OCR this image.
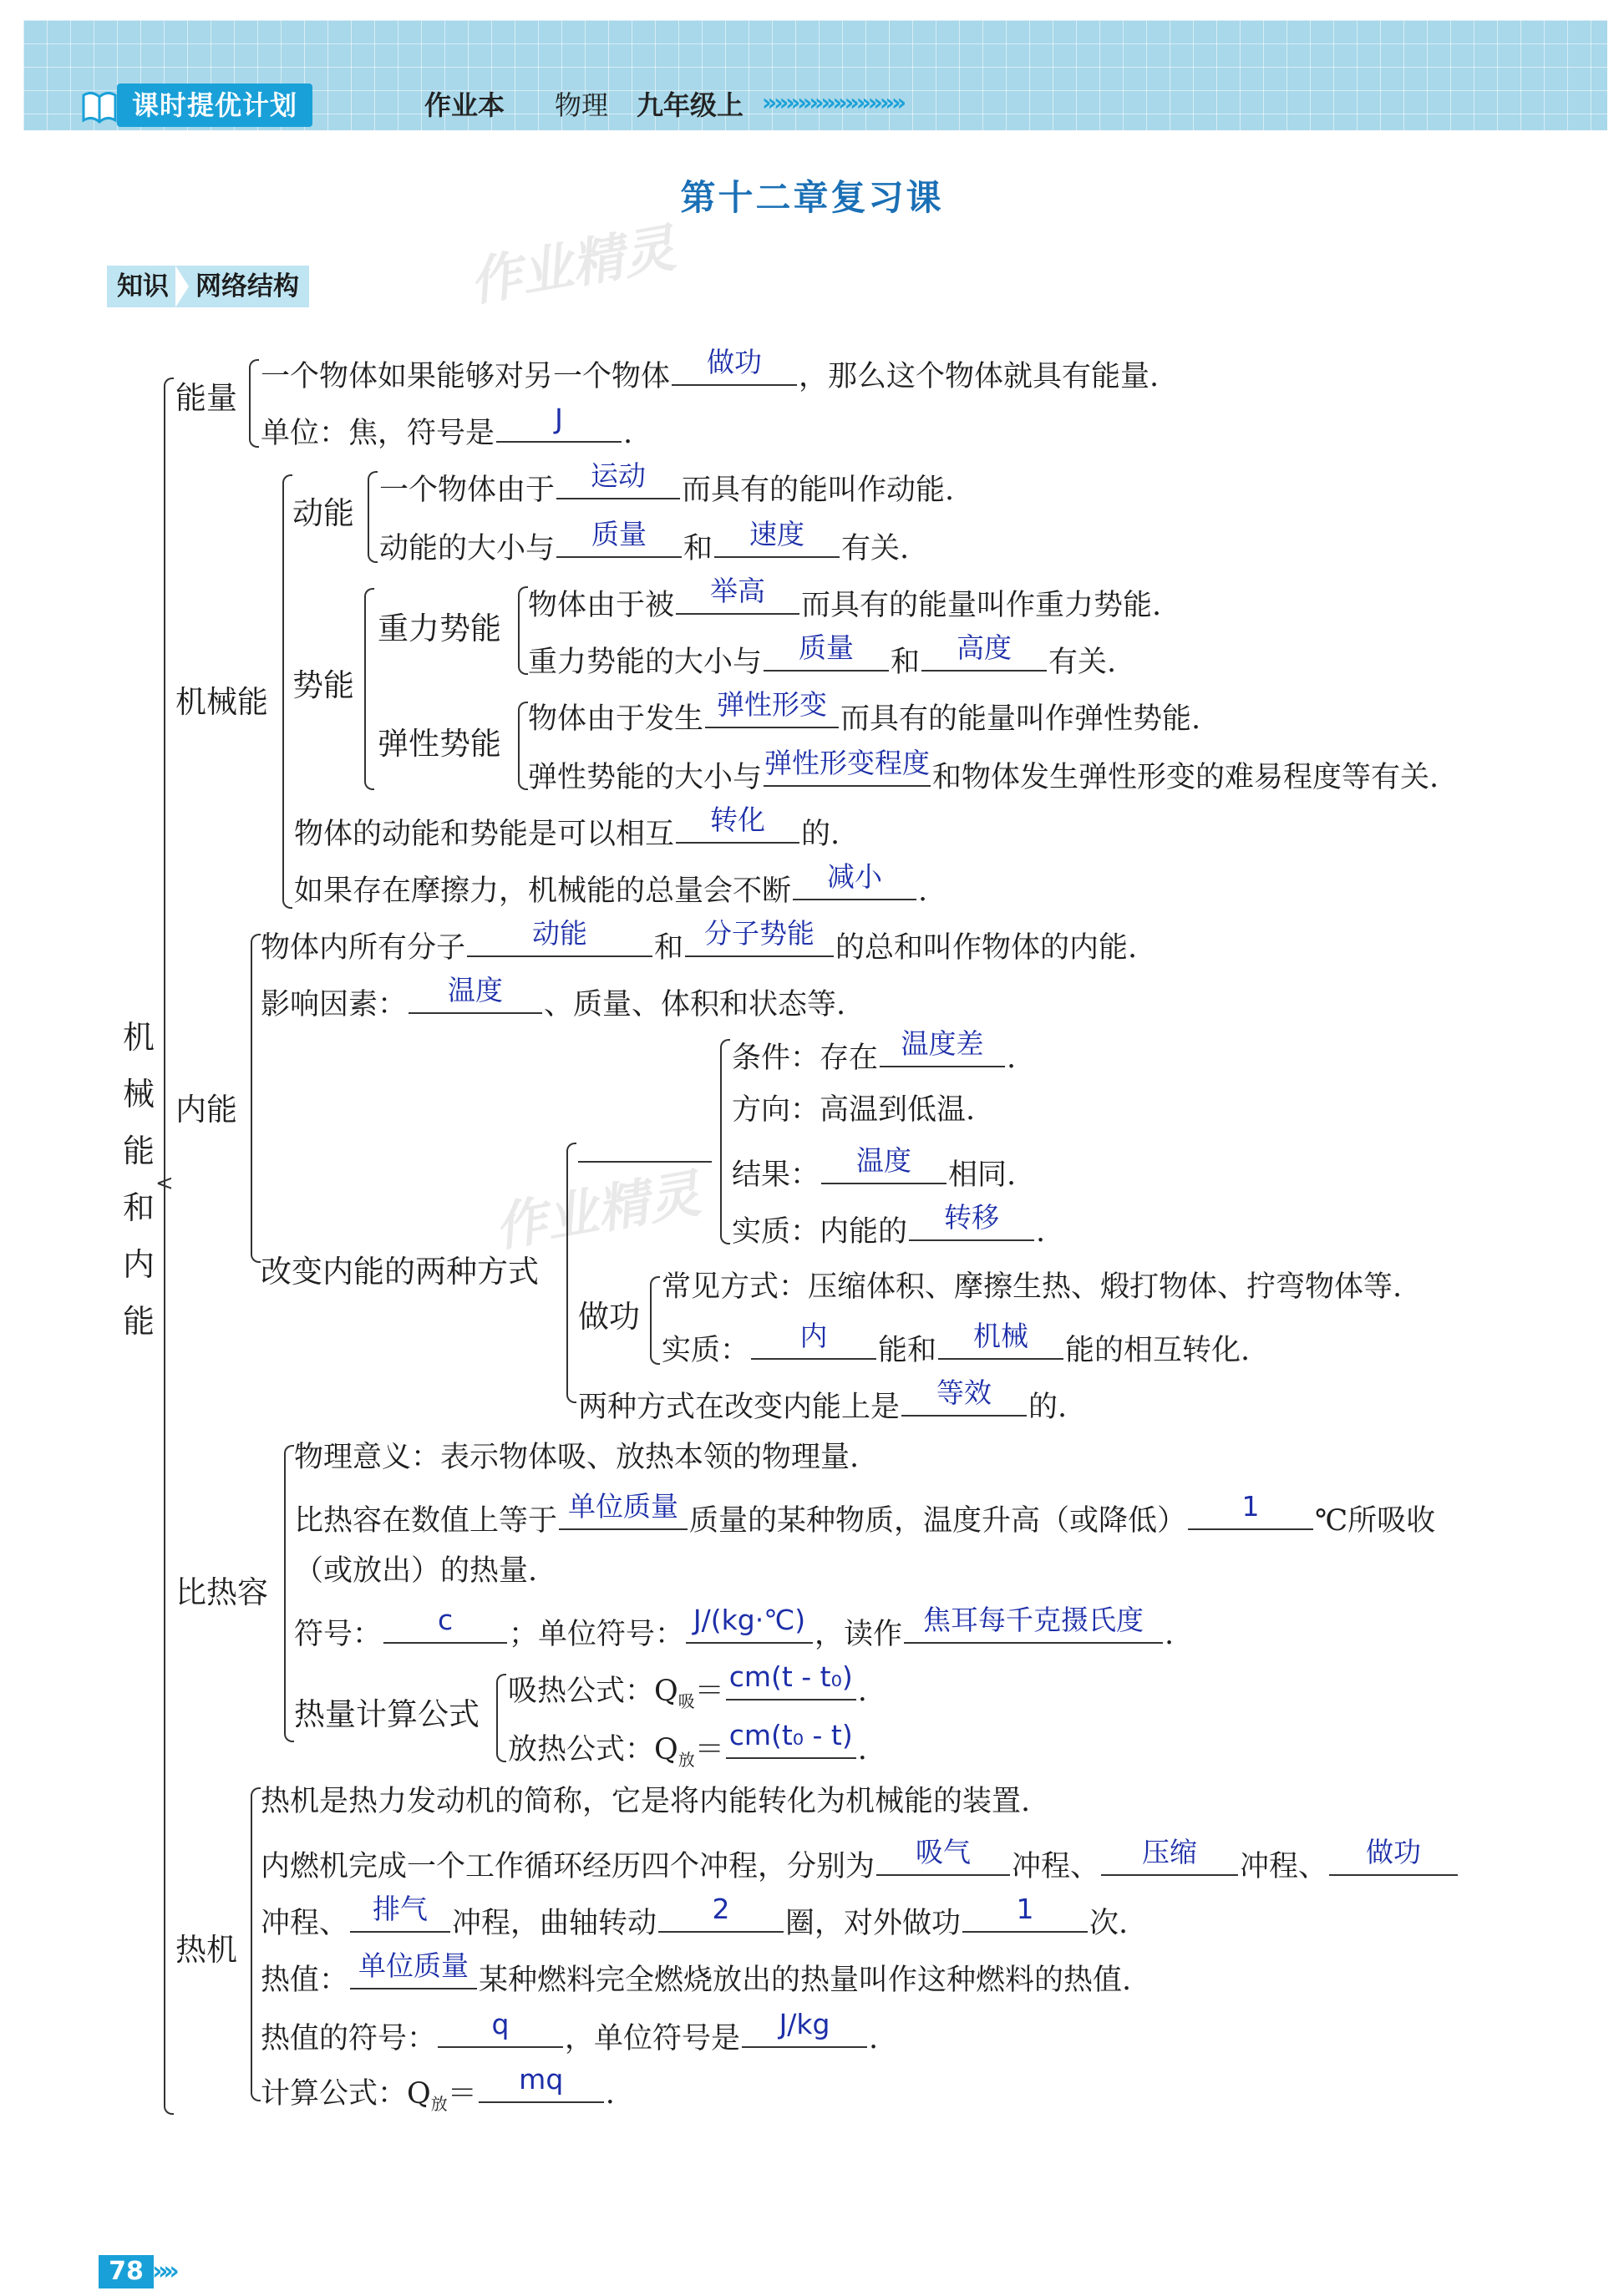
课时提优计划	作业本 物理 九年级上 »»»»»»»»»»»»
第十二章复习课
作业精灵
作业精灵
知识 网络结构
机
械
能
和
内
能
<
能量
一个物体如果能够对另一个物体	做功	，那么这个物体就具有能量.
单位：焦，符号是	J	.
机械能
动能
一个物体由于	运动	而具有的能叫作动能.
动能的大小与	质量	和	速度	有关.
势能
重力势能
物体由于被	举高	而具有的能量叫作重力势能.
重力势能的大小与	质量	和	高度	有关.
弹性势能
物体由于发生 弹性形变 而具有的能量叫作弹性势能.
弹性势能的大小与 弹性形变程度 和物体发生弹性形变的难易程度等有关.
物体的动能和势能是可以相互	转化	的.
如果存在摩擦力，机械能的总量会不断	减小	.
内能
物体内所有分子	动能	和 分子势能 的总和叫作物体的内能.
影响因素：	温度	、质量、体积和状态等.
改变内能的两种方式
条件：存在 温度差 .
方向：高温到低温.
结果：	温度	相同.
实质：内能的	转移	.
做功
常见方式：压缩体积、摩擦生热、煅打物体、拧弯物体等.
实质：	内	能和	机械	能的相互转化.
两种方式在改变内能上是	等效	的.
比热容
物理意义：表示物体吸、放热本领的物理量.
比热容在数值上等于 单位质量 质量的某种物质，温度升高（或降低）	1	℃所吸收
（或放出）的热量.
符号：	c	；单位符号： J/(kg·℃) ，读作 焦耳每千克摄氏度 .
热量计算公式
吸热公式：$Q_吸= cm(t - t_0)$ .
放热公式：$Q_放= cm(t_0 - t)$ .
热机
热机是热力发动机的简称，它是将内能转化为机械能的装置.
内燃机完成一个工作循环经历四个冲程，分别为	吸气	冲程、	压缩	冲程、	做功
冲程、 排气 冲程，曲轴转动	2	圈，对外做功	1	次.
热值： 单位质量 某种燃料完全燃烧放出的热量叫作这种燃料的热值.
热值的符号：	q	，单位符号是	J/kg	.
计算公式：$Q_放=$	mq	.
78 »»
